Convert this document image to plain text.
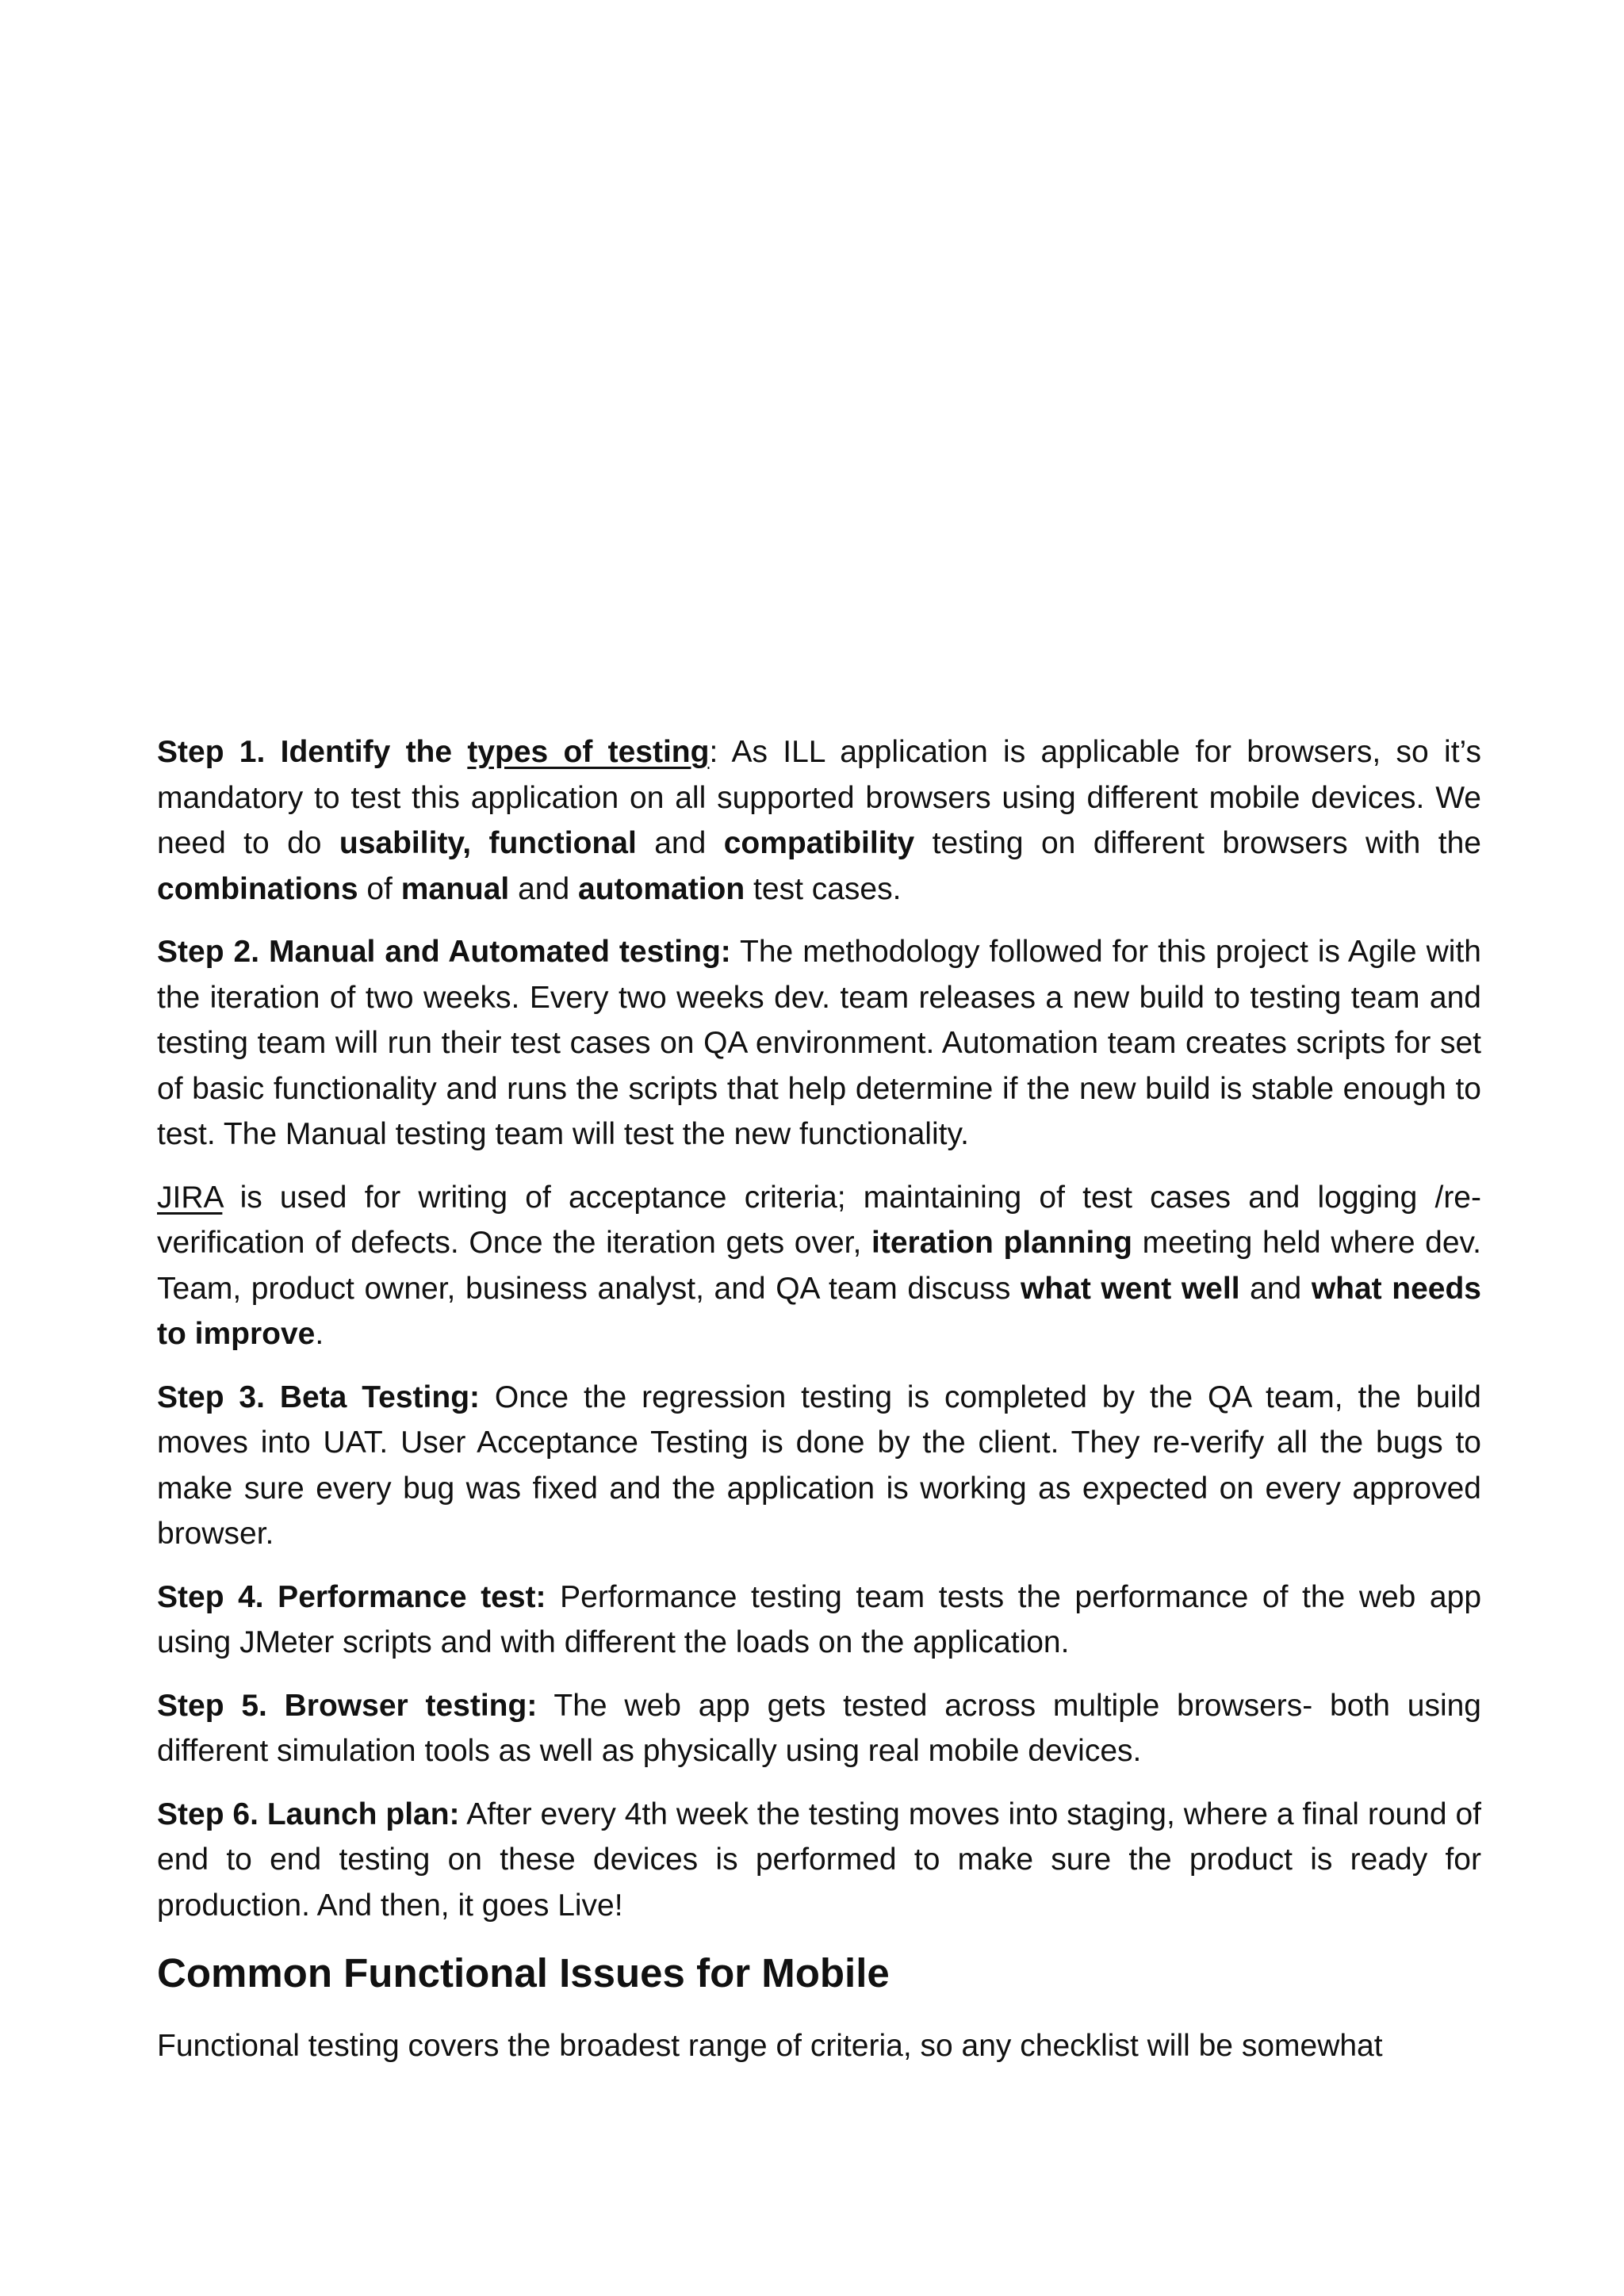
Step 1. Identify the types of testing: As ILL application is applicable for browsers, so it’s mandatory to test this application on all supported browsers using different mobile devices. We need to do usability, functional and compatibility testing on different browsers with the combinations of manual and automation test cases.

Step 2. Manual and Automated testing: The methodology followed for this project is Agile with the iteration of two weeks. Every two weeks dev. team releases a new build to testing team and testing team will run their test cases on QA environment. Automation team creates scripts for set of basic functionality and runs the scripts that help determine if the new build is stable enough to test. The Manual testing team will test the new functionality.

JIRA is used for writing of acceptance criteria; maintaining of test cases and logging /re-verification of defects. Once the iteration gets over, iteration planning meeting held where dev. Team, product owner, business analyst, and QA team discuss what went well and what needs to improve.

Step 3. Beta Testing: Once the regression testing is completed by the QA team, the build moves into UAT. User Acceptance Testing is done by the client. They re-verify all the bugs to make sure every bug was fixed and the application is working as expected on every approved browser.

Step 4. Performance test: Performance testing team tests the performance of the web app using JMeter scripts and with different the loads on the application.

Step 5. Browser testing: The web app gets tested across multiple browsers- both using different simulation tools as well as physically using real mobile devices.

Step 6. Launch plan: After every 4th week the testing moves into staging, where a final round of end to end testing on these devices is performed to make sure the product is ready for production. And then, it goes Live!

Common Functional Issues for Mobile

Functional testing covers the broadest range of criteria, so any checklist will be somewhat
